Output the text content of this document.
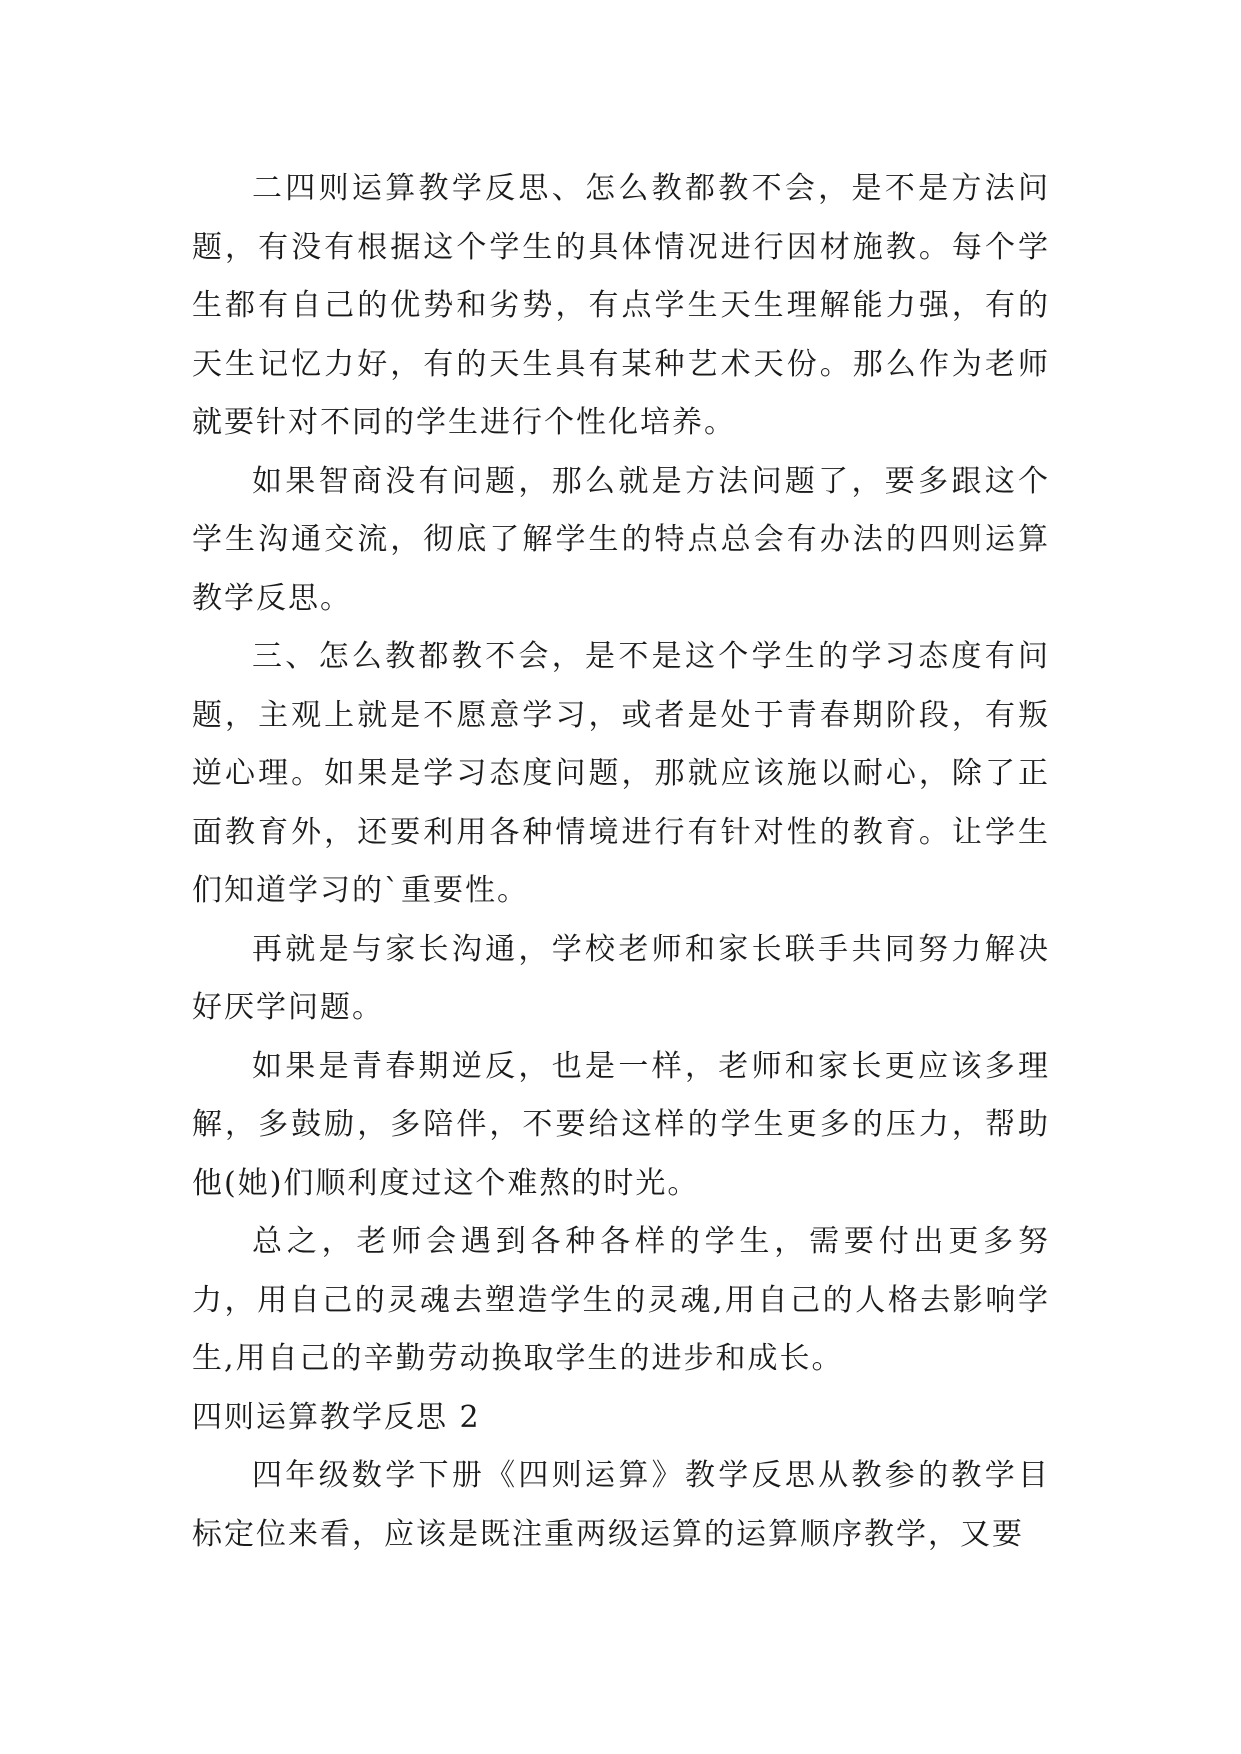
二四则运算教学反思、怎么教都教不会，是不是方法问题，有没有根据这个学生的具体情况进行因材施教。每个学生都有自己的优势和劣势，有点学生天生理解能力强，有的天生记忆力好，有的天生具有某种艺术天份。那么作为老师就要针对不同的学生进行个性化培养。

如果智商没有问题，那么就是方法问题了，要多跟这个学生沟通交流，彻底了解学生的特点总会有办法的四则运算教学反思。

三、怎么教都教不会，是不是这个学生的学习态度有问题，主观上就是不愿意学习，或者是处于青春期阶段，有叛逆心理。如果是学习态度问题，那就应该施以耐心，除了正面教育外，还要利用各种情境进行有针对性的教育。让学生们知道学习的`重要性。

再就是与家长沟通，学校老师和家长联手共同努力解决好厌学问题。

如果是青春期逆反，也是一样，老师和家长更应该多理解，多鼓励，多陪伴，不要给这样的学生更多的压力，帮助他(她)们顺利度过这个难熬的时光。

总之，老师会遇到各种各样的学生，需要付出更多努力，用自己的灵魂去塑造学生的灵魂,用自己的人格去影响学生,用自己的辛勤劳动换取学生的进步和成长。

四则运算教学反思 2

四年级数学下册《四则运算》教学反思从教参的教学目标定位来看，应该是既注重两级运算的运算顺序教学，又要
